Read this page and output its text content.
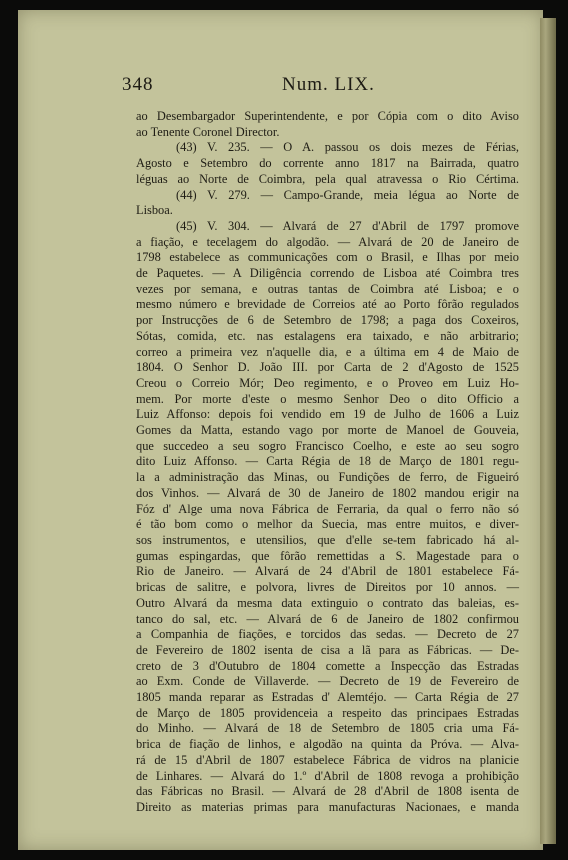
348	Num. LIX.
ao Desembargador Superintendente, e por Cópia com o dito Aviso
ao Tenente Coronel Director.
(43) V. 235. — O A. passou os dois mezes de Férias,
Agosto e Setembro do corrente anno 1817 na Bairrada, quatro
léguas ao Norte de Coimbra, pela qual atravessa o Rio Cértima.
(44) V. 279. — Campo-Grande, meia légua ao Norte de
Lisboa.
(45) V. 304. — Alvará de 27 d'Abril de 1797 promove
a fiação, e tecelagem do algodão. — Alvará de 20 de Janeiro de
1798 estabelece as communicações com o Brasil, e Ilhas por meio
de Paquetes. — A Diligência correndo de Lisboa até Coimbra tres
vezes por semana, e outras tantas de Coimbra até Lisboa; e o
mesmo número e brevidade de Correios até ao Porto fôrão regulados
por Instrucções de 6 de Setembro de 1798; a paga dos Coxeiros,
Sótas, comida, etc. nas estalagens era taixado, e não arbitrario;
correo a primeira vez n'aquelle dia, e a última em 4 de Maio de
1804. O Senhor D. João III. por Carta de 2 d'Agosto de 1525
Creou o Correio Mór; Deo regimento, e o Proveo em Luiz Ho-
mem. Por morte d'este o mesmo Senhor Deo o dito Officio a
Luiz Affonso: depois foi vendido em 19 de Julho de 1606 a Luiz
Gomes da Matta, estando vago por morte de Manoel de Gouveia,
que succedeo a seu sogro Francisco Coelho, e este ao seu sogro
dito Luiz Affonso. — Carta Régia de 18 de Março de 1801 regu-
la a administração das Minas, ou Fundições de ferro, de Figueiró
dos Vinhos. — Alvará de 30 de Janeiro de 1802 mandou erigir na
Fóz d' Alge uma nova Fábrica de Ferraria, da qual o ferro não só
é tão bom como o melhor da Suecia, mas entre muitos, e diver-
sos instrumentos, e utensilios, que d'elle se-tem fabricado há al-
gumas espingardas, que fôrão remettidas a S. Magestade para o
Rio de Janeiro. — Alvará de 24 d'Abril de 1801 estabelece Fá-
bricas de salitre, e polvora, livres de Direitos por 10 annos. —
Outro Alvará da mesma data extinguio o contrato das baleias, es-
tanco do sal, etc. — Alvará de 6 de Janeiro de 1802 confirmou
a Companhia de fiações, e torcidos das sedas. — Decreto de 27
de Fevereiro de 1802 isenta de cisa a lã para as Fábricas. — De-
creto de 3 d'Outubro de 1804 comette a Inspecção das Estradas
ao Exm. Conde de Villaverde. — Decreto de 19 de Fevereiro de
1805 manda reparar as Estradas d' Alemtéjo. — Carta Régia de 27
de Março de 1805 providenceia a respeito das principaes Estradas
do Minho. — Alvará de 18 de Setembro de 1805 cria uma Fá-
brica de fiação de linhos, e algodão na quinta da Próva. — Alva-
rá de 15 d'Abril de 1807 estabelece Fábrica de vidros na planicie
de Linhares. — Alvará do 1.º d'Abril de 1808 revoga a prohibição
das Fábricas no Brasil. — Alvará de 28 d'Abril de 1808 isenta de
Direito as materias primas para manufacturas Nacionaes, e manda
